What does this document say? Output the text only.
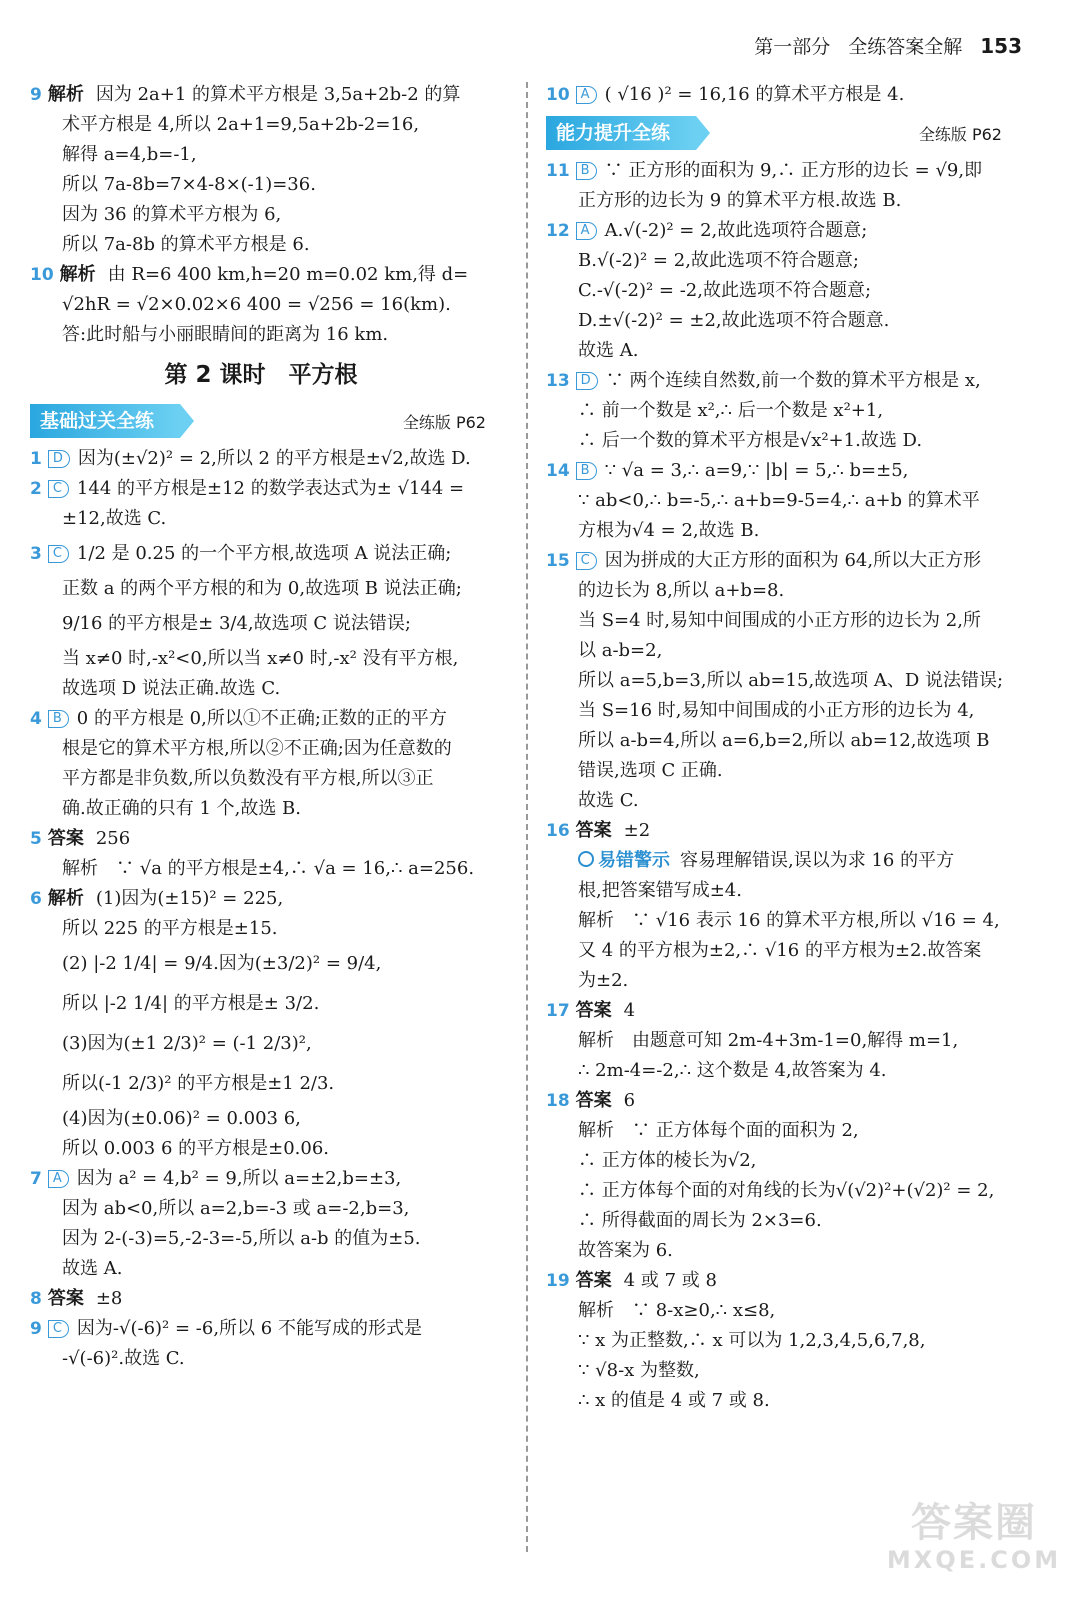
第一部分 全练答案全解 153
9 解析 因为 2a+1 的算术平方根是 3,5a+2b-2 的算
术平方根是 4,所以 2a+1=9,5a+2b-2=16,
解得 a=4,b=-1,
所以 7a-8b=7×4-8×(-1)=36.
因为 36 的算术平方根为 6,
所以 7a-8b 的算术平方根是 6.
10 解析 由 R=6 400 km,h=20 m=0.02 km,得 d=
√2hR = √2×0.02×6 400 = √256 = 16(km).
答:此时船与小丽眼睛间的距离为 16 km.
第 2 课时　平方根
基础过关全练	全练版 P62
1 D 因为(±√2)² = 2,所以 2 的平方根是±√2,故选 D.
2 C 144 的平方根是±12 的数学表达式为± √144 =
±12,故选 C.
3 C 1/2 是 0.25 的一个平方根,故选项 A 说法正确;
正数 a 的两个平方根的和为 0,故选项 B 说法正确;
9/16 的平方根是± 3/4,故选项 C 说法错误;
当 x≠0 时,-x²<0,所以当 x≠0 时,-x² 没有平方根,
故选项 D 说法正确.故选 C.
4 B 0 的平方根是 0,所以①不正确;正数的正的平方
根是它的算术平方根,所以②不正确;因为任意数的
平方都是非负数,所以负数没有平方根,所以③正
确.故正确的只有 1 个,故选 B.
5 答案 256
解析　∵ √a 的平方根是±4,∴ √a = 16,∴ a=256.
6 解析 (1)因为(±15)² = 225,
所以 225 的平方根是±15.
(2) |-2 1/4| = 9/4.因为(±3/2)² = 9/4,
所以 |-2 1/4| 的平方根是± 3/2.
(3)因为(±1 2/3)² = (-1 2/3)²,
所以(-1 2/3)² 的平方根是±1 2/3.
(4)因为(±0.06)² = 0.003 6,
所以 0.003 6 的平方根是±0.06.
7 A 因为 a² = 4,b² = 9,所以 a=±2,b=±3,
因为 ab<0,所以 a=2,b=-3 或 a=-2,b=3,
因为 2-(-3)=5,-2-3=-5,所以 a-b 的值为±5.
故选 A.
8 答案 ±8
9 C 因为-√(-6)² = -6,所以 6 不能写成的形式是
-√(-6)².故选 C.
10 A ( √16 )² = 16,16 的算术平方根是 4.
能力提升全练	全练版 P62
11 B ∵ 正方形的面积为 9,∴ 正方形的边长 = √9,即
正方形的边长为 9 的算术平方根.故选 B.
12 A A.√(-2)² = 2,故此选项符合题意;
B.√(-2)² = 2,故此选项不符合题意;
C.-√(-2)² = -2,故此选项不符合题意;
D.±√(-2)² = ±2,故此选项不符合题意.
故选 A.
13 D ∵ 两个连续自然数,前一个数的算术平方根是 x,
∴ 前一个数是 x²,∴ 后一个数是 x²+1,
∴ 后一个数的算术平方根是√x²+1.故选 D.
14 B ∵ √a = 3,∴ a=9,∵ |b| = 5,∴ b=±5,
∵ ab<0,∴ b=-5,∴ a+b=9-5=4,∴ a+b 的算术平
方根为√4 = 2,故选 B.
15 C 因为拼成的大正方形的面积为 64,所以大正方形
的边长为 8,所以 a+b=8.
当 S=4 时,易知中间围成的小正方形的边长为 2,所
以 a-b=2,
所以 a=5,b=3,所以 ab=15,故选项 A、D 说法错误;
当 S=16 时,易知中间围成的小正方形的边长为 4,
所以 a-b=4,所以 a=6,b=2,所以 ab=12,故选项 B
错误,选项 C 正确.
故选 C.
16 答案 ±2
易错警示 容易理解错误,误以为求 16 的平方
根,把答案错写成±4.
解析　∵ √16 表示 16 的算术平方根,所以 √16 = 4,
又 4 的平方根为±2,∴ √16 的平方根为±2.故答案
为±2.
17 答案 4
解析　由题意可知 2m-4+3m-1=0,解得 m=1,
∴ 2m-4=-2,∴ 这个数是 4,故答案为 4.
18 答案 6
解析　∵ 正方体每个面的面积为 2,
∴ 正方体的棱长为√2,
∴ 正方体每个面的对角线的长为√(√2)²+(√2)² = 2,
∴ 所得截面的周长为 2×3=6.
故答案为 6.
19 答案 4 或 7 或 8
解析　∵ 8-x≥0,∴ x≤8,
∵ x 为正整数,∴ x 可以为 1,2,3,4,5,6,7,8,
∵ √8-x 为整数,
∴ x 的值是 4 或 7 或 8.
答案圈
MXQE.COM
